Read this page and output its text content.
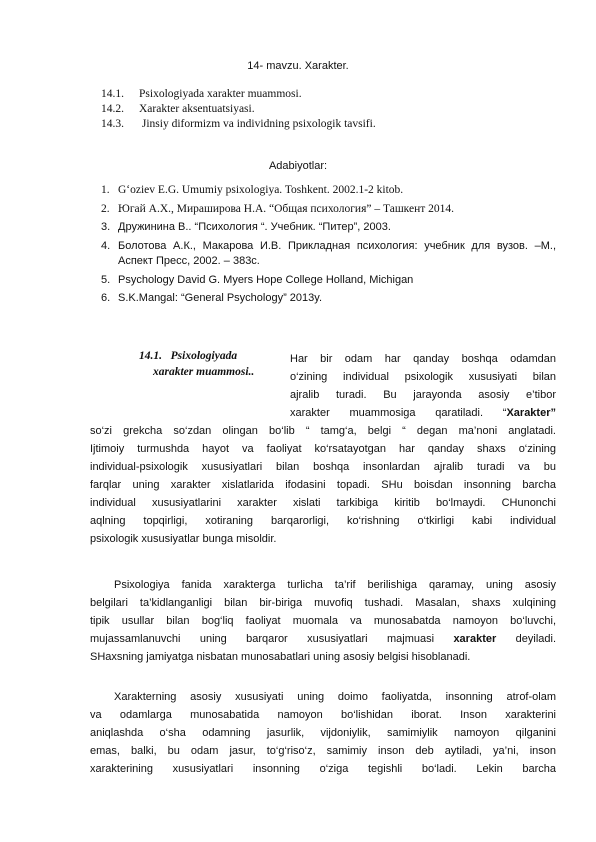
14- mavzu. Xarakter.
14.1.	Psixologiyada xarakter muammosi.
14.2.	Xarakter aksentuatsiyasi.
14.3.	Jinsiy diformizm va individning psixologik tavsifi.
Adabiyotlar:
1. G‘oziev E.G. Umumiy psixologiya. Toshkent. 2002.1-2 kitob.
2. Югай А.Х., Мираширова Н.А. “Общая психология” – Ташкент 2014.
3. Дружинина В.. “Психология “. Учебник. “Питер”, 2003.
4. Болотова А.К., Макарова И.В. Прикладная психология: учебник для вузов. –М., Аспект Пресс, 2002. – 383с.
5. Psychology David G. Myers Hope College Holland, Michigan
6. S.K.Mangal: “General Psychology” 2013y.
14.1. Psixologiyada
xarakter muammosi..
Har bir odam har qanday boshqa odamdan
o‘zining individual psixologik xususiyati bilan
ajralib turadi. Bu jarayonda asosiy e’tibor
xarakter muammosiga qaratiladi. “Xarakter”
so‘zi grekcha so‘zdan olingan bo‘lib “ tamg‘a, belgi “ degan ma’noni anglatadi.
Ijtimoiy turmushda hayot va faoliyat ko‘rsatayotgan har qanday shaxs o‘zining
individual-psixologik xususiyatlari bilan boshqa insonlardan ajralib turadi va bu
farqlar uning xarakter xislatlarida ifodasini topadi. SHu boisdan insonning barcha
individual xususiyatlarini xarakter xislati tarkibiga kiritib bo‘lmaydi. CHunonchi
aqlning topqirligi, xotiraning barqarorligi, ko‘rishning o‘tkirligi kabi individual
psixologik xususiyatlar bunga misoldir.
Psixologiya fanida xarakterga turlicha ta’rif berilishiga qaramay, uning asosiy
belgilari ta’kidlanganligi bilan bir-biriga muvofiq tushadi. Masalan, shaxs xulqining
tipik usullar bilan bog‘liq faoliyat muomala va munosabatda namoyon bo‘luvchi,
mujassamlanuvchi uning barqaror xususiyatlari majmuasi xarakter deyiladi.
SHaxsning jamiyatga nisbatan munosabatlari uning asosiy belgisi hisoblanadi.
Xarakterning asosiy xususiyati uning doimo faoliyatda, insonning atrof-olam
va odamlarga munosabatida namoyon bo‘lishidan iborat. Inson xarakterini
aniqlashda o‘sha odamning jasurlik, vijdoniylik, samimiylik namoyon qilganini
emas, balki, bu odam jasur, to‘g‘riso‘z, samimiy inson deb aytiladi, ya’ni, inson
xarakterining xususiyatlari insonning o‘ziga tegishli bo‘ladi. Lekin barcha
